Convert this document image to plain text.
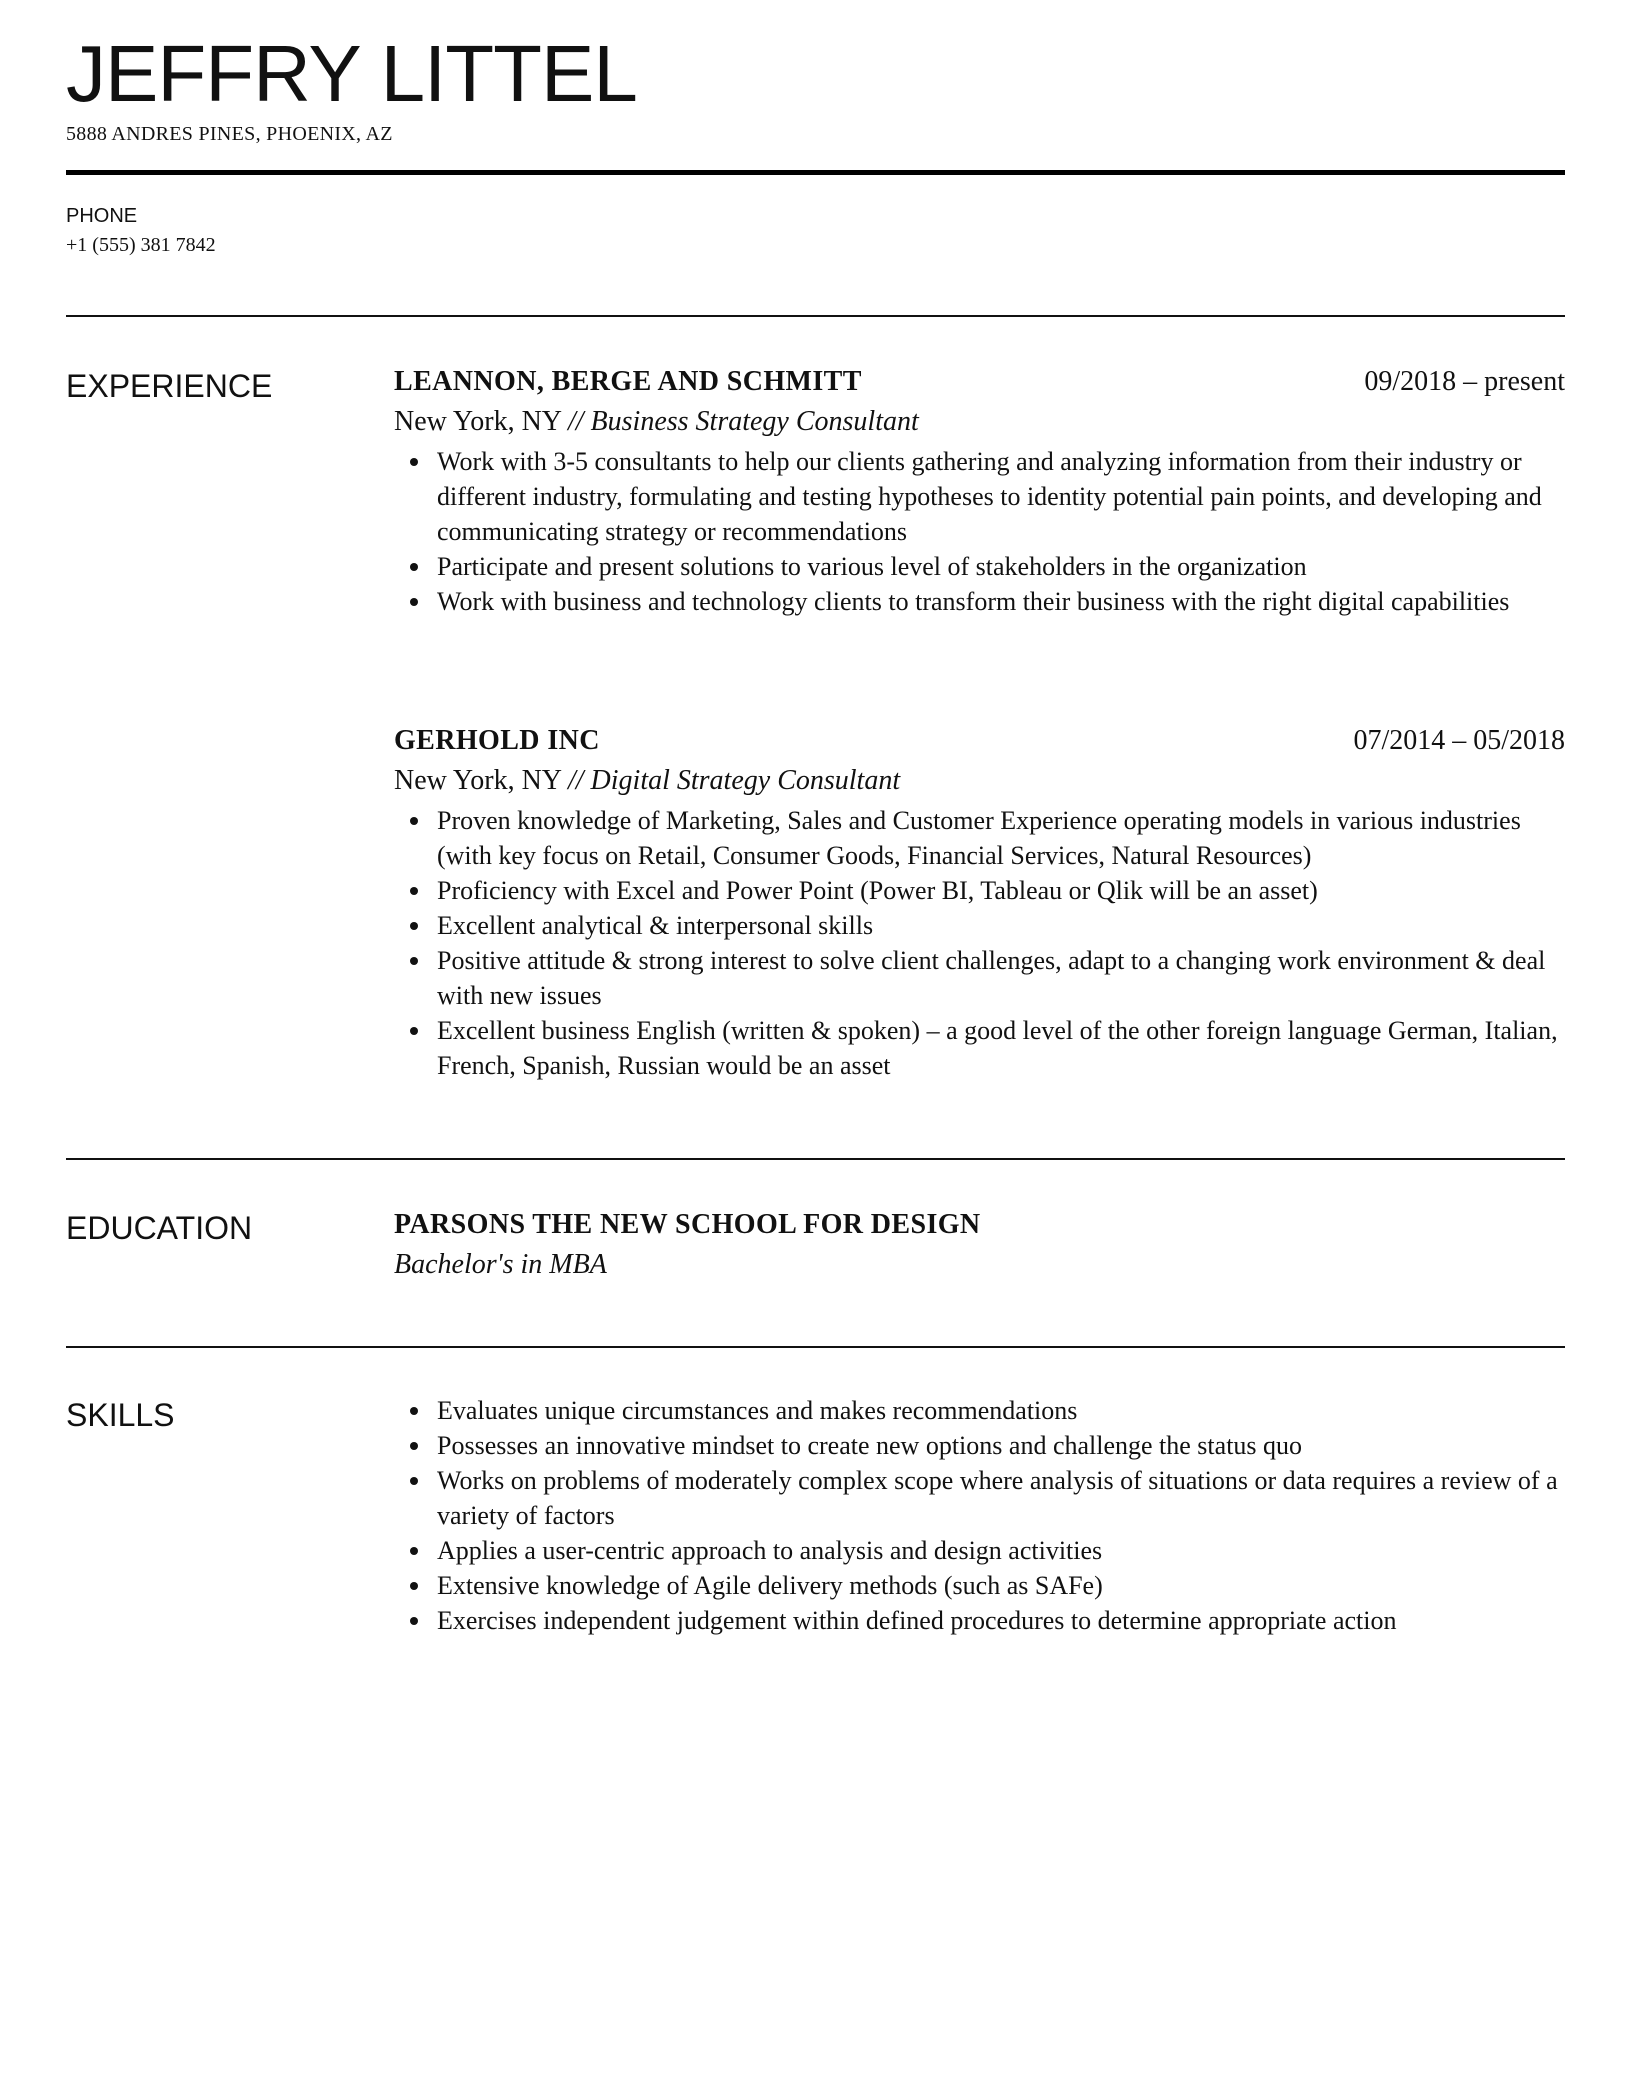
JEFFRY LITTEL
5888 ANDRES PINES, PHOENIX, AZ
PHONE
+1 (555) 381 7842
EXPERIENCE	LEANNON, BERGE AND SCHMITT	09/2018 – present
New York, NY // Business Strategy Consultant
Work with 3-5 consultants to help our clients gathering and analyzing information from their industry or different industry, formulating and testing hypotheses to identity potential pain points, and developing and communicating strategy or recommendations
Participate and present solutions to various level of stakeholders in the organization
Work with business and technology clients to transform their business with the right digital capabilities
GERHOLD INC	07/2014 – 05/2018
New York, NY // Digital Strategy Consultant
Proven knowledge of Marketing, Sales and Customer Experience operating models in various industries (with key focus on Retail, Consumer Goods, Financial Services, Natural Resources)
Proficiency with Excel and Power Point (Power BI, Tableau or Qlik will be an asset)
Excellent analytical & interpersonal skills
Positive attitude & strong interest to solve client challenges, adapt to a changing work environment & deal with new issues
Excellent business English (written & spoken) – a good level of the other foreign language German, Italian, French, Spanish, Russian would be an asset
EDUCATION	PARSONS THE NEW SCHOOL FOR DESIGN
Bachelor's in MBA
SKILLS	Evaluates unique circumstances and makes recommendations
Possesses an innovative mindset to create new options and challenge the status quo
Works on problems of moderately complex scope where analysis of situations or data requires a review of a variety of factors
Applies a user-centric approach to analysis and design activities
Extensive knowledge of Agile delivery methods (such as SAFe)
Exercises independent judgement within defined procedures to determine appropriate action
